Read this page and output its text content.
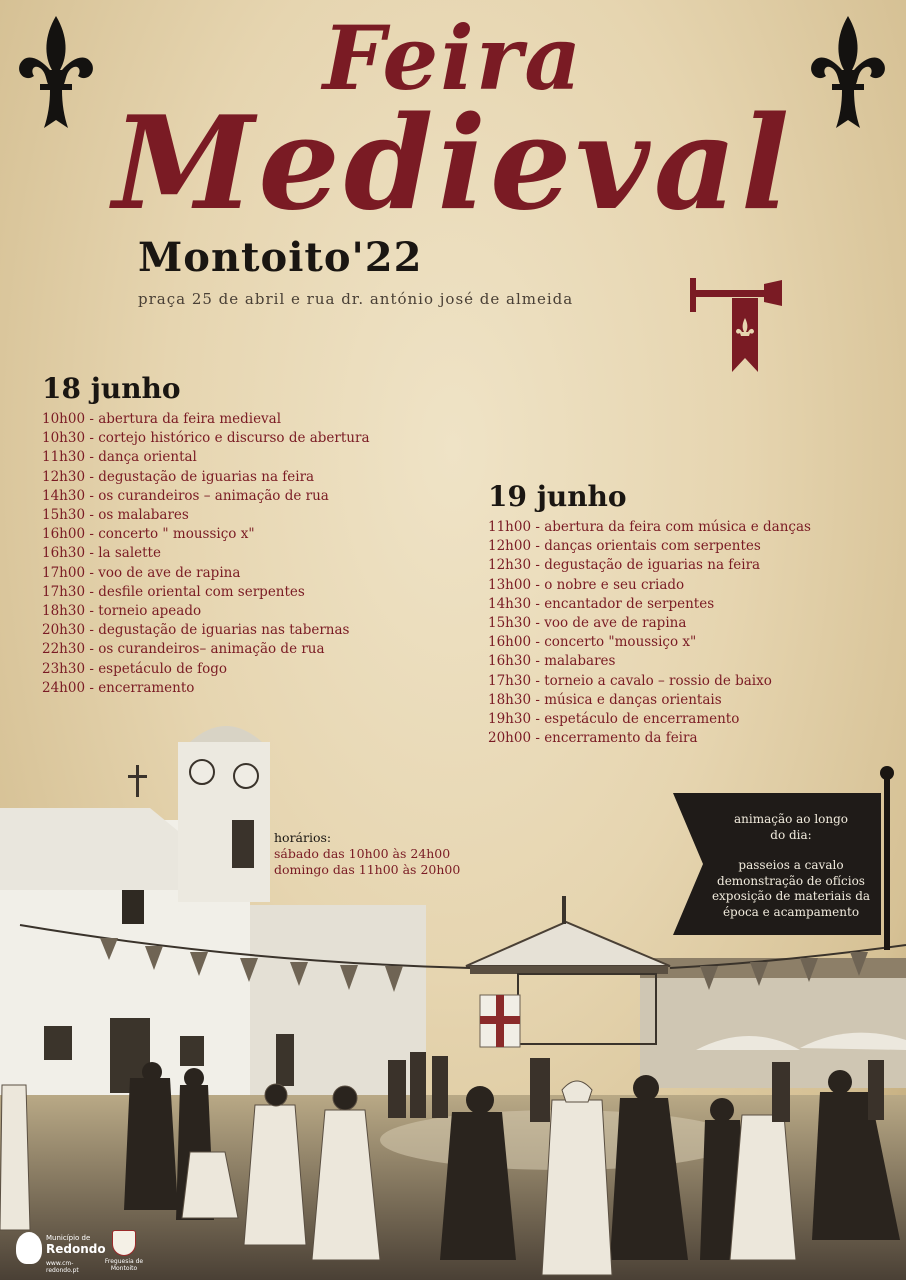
Feira
Medieval
Montoito'22
praça 25 de abril e rua dr. antónio josé de almeida
18 junho
10h00 - abertura da feira medieval
10h30 - cortejo histórico e discurso de abertura
11h30 - dança oriental
12h30 - degustação de iguarias na feira
14h30 - os curandeiros – animação de rua
15h30 - os malabares
16h00 - concerto " moussiço x"
16h30 - la salette
17h00 - voo de ave de rapina
17h30 - desfile oriental com serpentes
18h30 - torneio apeado
20h30 - degustação de iguarias nas tabernas
22h30 - os curandeiros– animação de rua
23h30 - espetáculo de fogo
24h00 - encerramento
19 junho
11h00 - abertura da feira com música e danças
12h00 - danças orientais com serpentes
12h30 - degustação de iguarias na feira
13h00 - o nobre e seu criado
14h30 - encantador de serpentes
15h30 - voo de ave de rapina
16h00 - concerto "moussiço x"
16h30 - malabares
17h30 - torneio a cavalo – rossio de baixo
18h30 - música e danças orientais
19h30 - espetáculo de encerramento
20h00 - encerramento da feira
horários:
sábado das 10h00 às 24h00
domingo das 11h00 às 20h00
animação ao longo
do dia:
passeios a cavalo
demonstração de ofícios
exposição de materiais da
época e acampamento
Município de
Redondo
www.cm-redondo.pt
Freguesia de
Montoito
